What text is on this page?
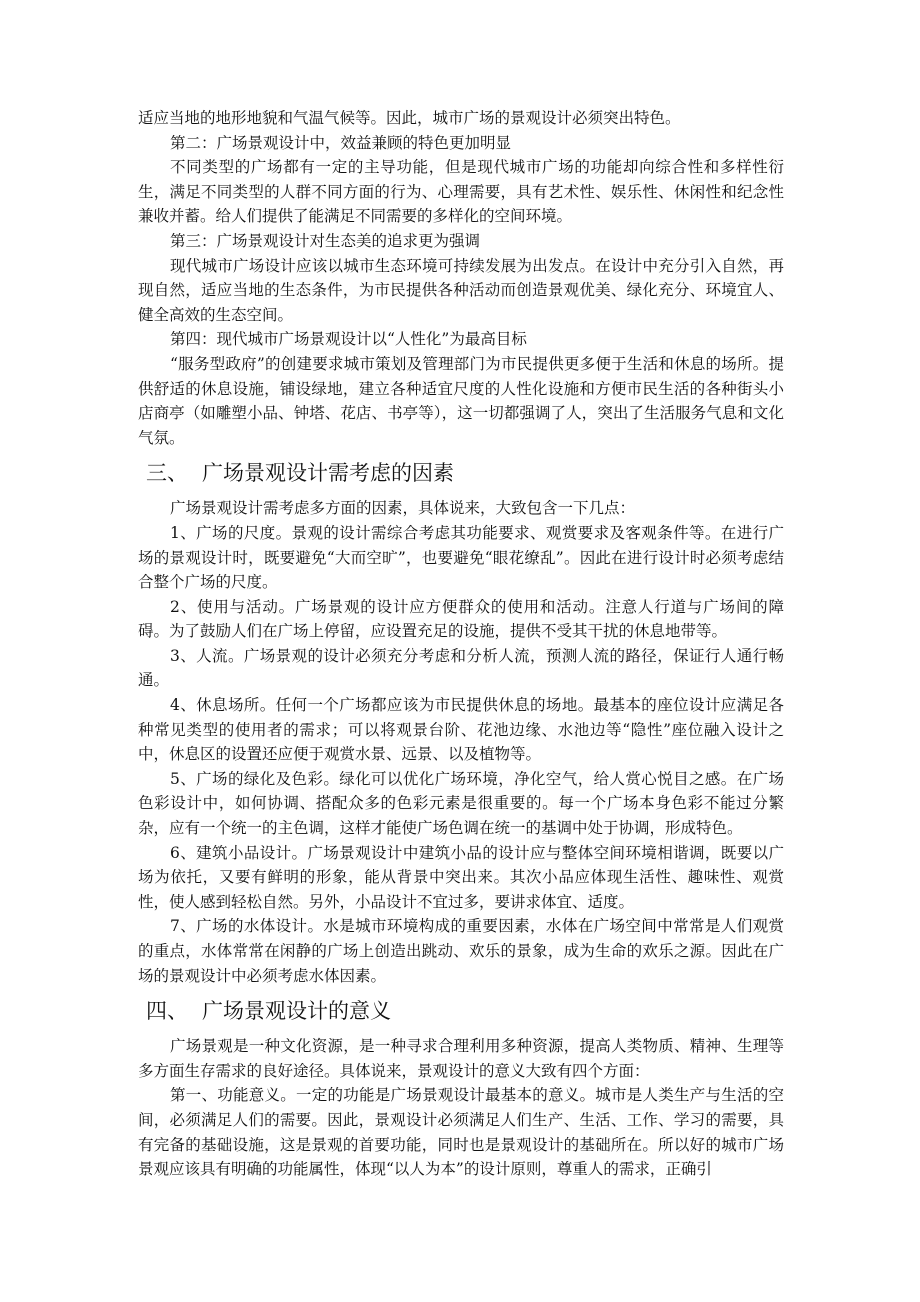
适应当地的地形地貌和气温气候等。因此，城市广场的景观设计必须突出特色。

第二：广场景观设计中，效益兼顾的特色更加明显

不同类型的广场都有一定的主导功能，但是现代城市广场的功能却向综合性和多样性衍生，满足不同类型的人群不同方面的行为、心理需要，具有艺术性、娱乐性、休闲性和纪念性兼收并蓄。给人们提供了能满足不同需要的多样化的空间环境。

第三：广场景观设计对生态美的追求更为强调

现代城市广场设计应该以城市生态环境可持续发展为出发点。在设计中充分引入自然，再现自然，适应当地的生态条件，为市民提供各种活动而创造景观优美、绿化充分、环境宜人、健全高效的生态空间。

第四：现代城市广场景观设计以“人性化”为最高目标

“服务型政府”的创建要求城市策划及管理部门为市民提供更多便于生活和休息的场所。提供舒适的休息设施，铺设绿地，建立各种适宜尺度的人性化设施和方便市民生活的各种街头小店商亭（如雕塑小品、钟塔、花店、书亭等），这一切都强调了人，突出了生活服务气息和文化气氛。

三、 广场景观设计需考虑的因素

广场景观设计需考虑多方面的因素，具体说来，大致包含一下几点：

1、广场的尺度。景观的设计需综合考虑其功能要求、观赏要求及客观条件等。在进行广场的景观设计时，既要避免“大而空旷”，也要避免“眼花缭乱”。因此在进行设计时必须考虑结合整个广场的尺度。

2、使用与活动。广场景观的设计应方便群众的使用和活动。注意人行道与广场间的障碍。为了鼓励人们在广场上停留，应设置充足的设施，提供不受其干扰的休息地带等。

3、人流。广场景观的设计必须充分考虑和分析人流，预测人流的路径，保证行人通行畅通。

4、休息场所。任何一个广场都应该为市民提供休息的场地。最基本的座位设计应满足各种常见类型的使用者的需求；可以将观景台阶、花池边缘、水池边等“隐性”座位融入设计之中，休息区的设置还应便于观赏水景、远景、以及植物等。

5、广场的绿化及色彩。绿化可以优化广场环境，净化空气，给人赏心悦目之感。在广场色彩设计中，如何协调、搭配众多的色彩元素是很重要的。每一个广场本身色彩不能过分繁杂，应有一个统一的主色调，这样才能使广场色调在统一的基调中处于协调，形成特色。

6、建筑小品设计。广场景观设计中建筑小品的设计应与整体空间环境相谐调，既要以广场为依托，又要有鲜明的形象，能从背景中突出来。其次小品应体现生活性、趣味性、观赏性，使人感到轻松自然。另外，小品设计不宜过多，要讲求体宜、适度。

7、广场的水体设计。水是城市环境构成的重要因素，水体在广场空间中常常是人们观赏的重点，水体常常在闲静的广场上创造出跳动、欢乐的景象，成为生命的欢乐之源。因此在广场的景观设计中必须考虑水体因素。

四、 广场景观设计的意义

广场景观是一种文化资源，是一种寻求合理利用多种资源，提高人类物质、精神、生理等多方面生存需求的良好途径。具体说来，景观设计的意义大致有四个方面：

第一、功能意义。一定的功能是广场景观设计最基本的意义。城市是人类生产与生活的空间，必须满足人们的需要。因此，景观设计必须满足人们生产、生活、工作、学习的需要，具有完备的基础设施，这是景观的首要功能，同时也是景观设计的基础所在。所以好的城市广场景观应该具有明确的功能属性，体现“以人为本”的设计原则，尊重人的需求，正确引
